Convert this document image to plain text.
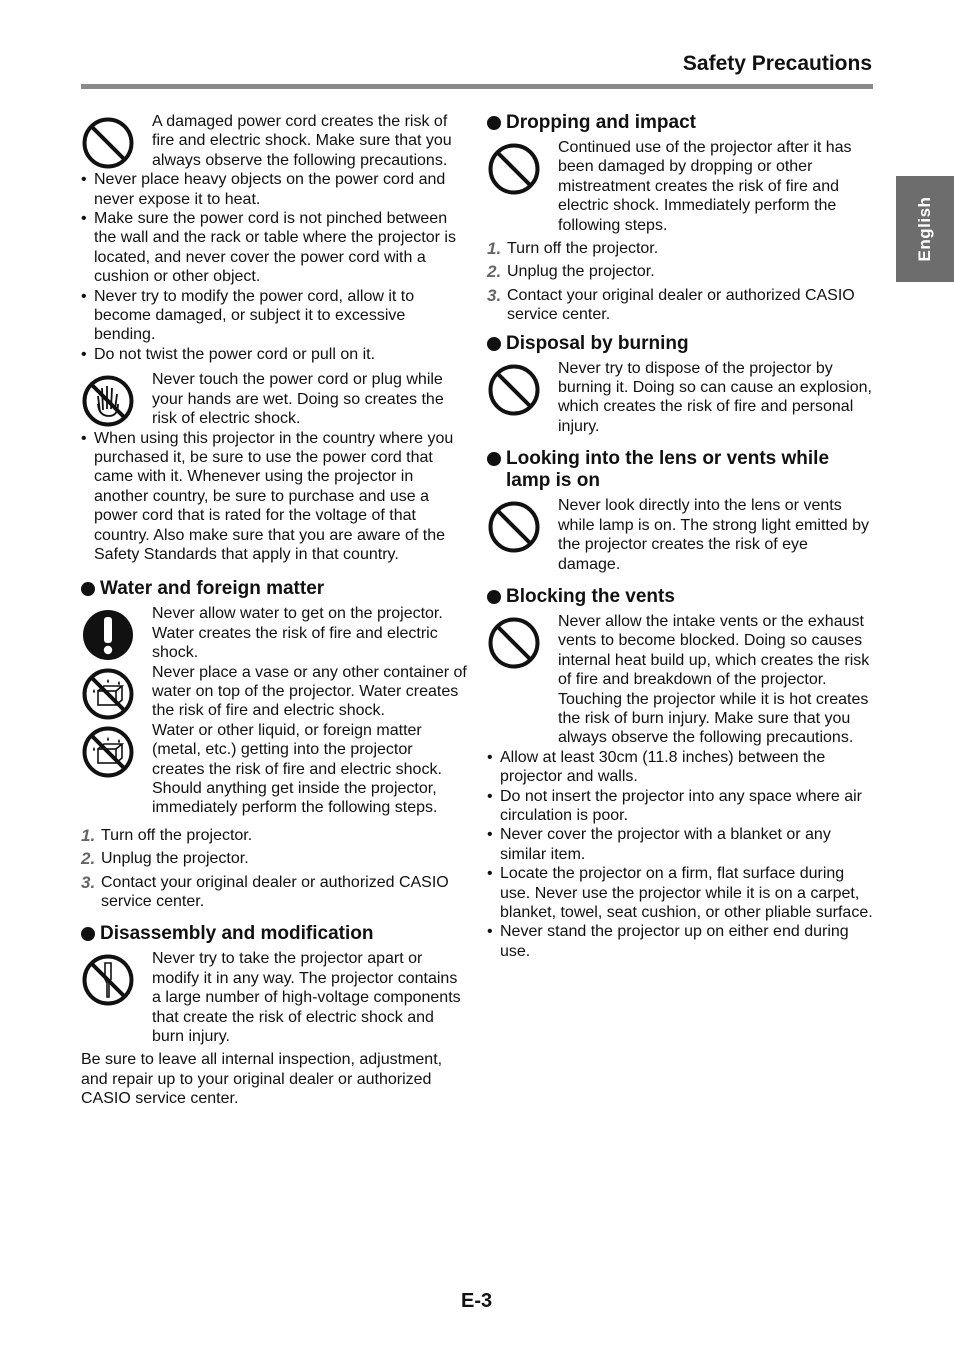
Safety Precautions
English
A damaged power cord creates the risk of fire and electric shock. Make sure that you always observe the following precautions.
• Never place heavy objects on the power cord and never expose it to heat.
• Make sure the power cord is not pinched between the wall and the rack or table where the projector is located, and never cover the power cord with a cushion or other object.
• Never try to modify the power cord, allow it to become damaged, or subject it to excessive bending.
• Do not twist the power cord or pull on it.
Never touch the power cord or plug while your hands are wet. Doing so creates the risk of electric shock.
• When using this projector in the country where you purchased it, be sure to use the power cord that came with it. Whenever using the projector in another country, be sure to purchase and use a power cord that is rated for the voltage of that country. Also make sure that you are aware of the Safety Standards that apply in that country.
Water and foreign matter
Never allow water to get on the projector. Water creates the risk of fire and electric shock.
Never place a vase or any other container of water on top of the projector. Water creates the risk of fire and electric shock.
Water or other liquid, or foreign matter (metal, etc.) getting into the projector creates the risk of fire and electric shock. Should anything get inside the projector, immediately perform the following steps.
1. Turn off the projector.
2. Unplug the projector.
3. Contact your original dealer or authorized CASIO service center.
Disassembly and modification
Never try to take the projector apart or modify it in any way. The projector contains a large number of high-voltage components that create the risk of electric shock and burn injury.
Be sure to leave all internal inspection, adjustment, and repair up to your original dealer or authorized CASIO service center.
Dropping and impact
Continued use of the projector after it has been damaged by dropping or other mistreatment creates the risk of fire and electric shock. Immediately perform the following steps.
1. Turn off the projector.
2. Unplug the projector.
3. Contact your original dealer or authorized CASIO service center.
Disposal by burning
Never try to dispose of the projector by burning it. Doing so can cause an explosion, which creates the risk of fire and personal injury.
Looking into the lens or vents while lamp is on
Never look directly into the lens or vents while lamp is on. The strong light emitted by the projector creates the risk of eye damage.
Blocking the vents
Never allow the intake vents or the exhaust vents to become blocked. Doing so causes internal heat build up, which creates the risk of fire and breakdown of the projector. Touching the projector while it is hot creates the risk of burn injury. Make sure that you always observe the following precautions.
• Allow at least 30cm (11.8 inches) between the projector and walls.
• Do not insert the projector into any space where air circulation is poor.
• Never cover the projector with a blanket or any similar item.
• Locate the projector on a firm, flat surface during use. Never use the projector while it is on a carpet, blanket, towel, seat cushion, or other pliable surface.
• Never stand the projector up on either end during use.
E-3
